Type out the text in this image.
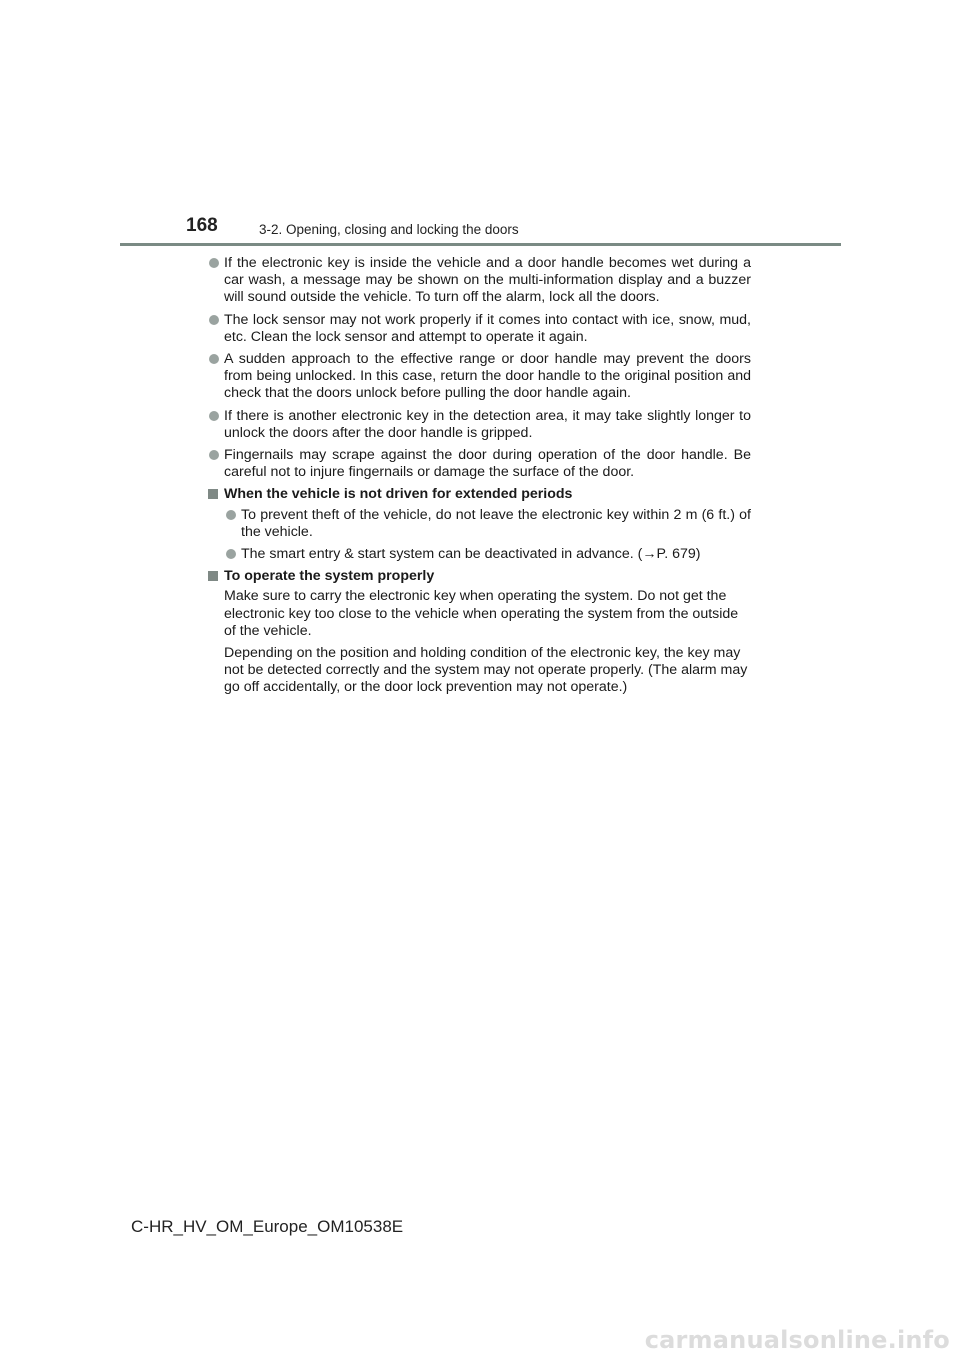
168	3-2. Opening, closing and locking the doors
If the electronic key is inside the vehicle and a door handle becomes wet during a car wash, a message may be shown on the multi-information display and a buzzer will sound outside the vehicle. To turn off the alarm, lock all the doors.
The lock sensor may not work properly if it comes into contact with ice, snow, mud, etc. Clean the lock sensor and attempt to operate it again.
A sudden approach to the effective range or door handle may prevent the doors from being unlocked. In this case, return the door handle to the original position and check that the doors unlock before pulling the door handle again.
If there is another electronic key in the detection area, it may take slightly longer to unlock the doors after the door handle is gripped.
Fingernails may scrape against the door during operation of the door handle. Be careful not to injure fingernails or damage the surface of the door.
When the vehicle is not driven for extended periods
To prevent theft of the vehicle, do not leave the electronic key within 2 m (6 ft.) of the vehicle.
The smart entry & start system can be deactivated in advance. (→P. 679)
To operate the system properly
Make sure to carry the electronic key when operating the system. Do not get the electronic key too close to the vehicle when operating the system from the outside of the vehicle.
Depending on the position and holding condition of the electronic key, the key may not be detected correctly and the system may not operate properly. (The alarm may go off accidentally, or the door lock prevention may not operate.)
C-HR_HV_OM_Europe_OM10538E
carmanualsonline.info
